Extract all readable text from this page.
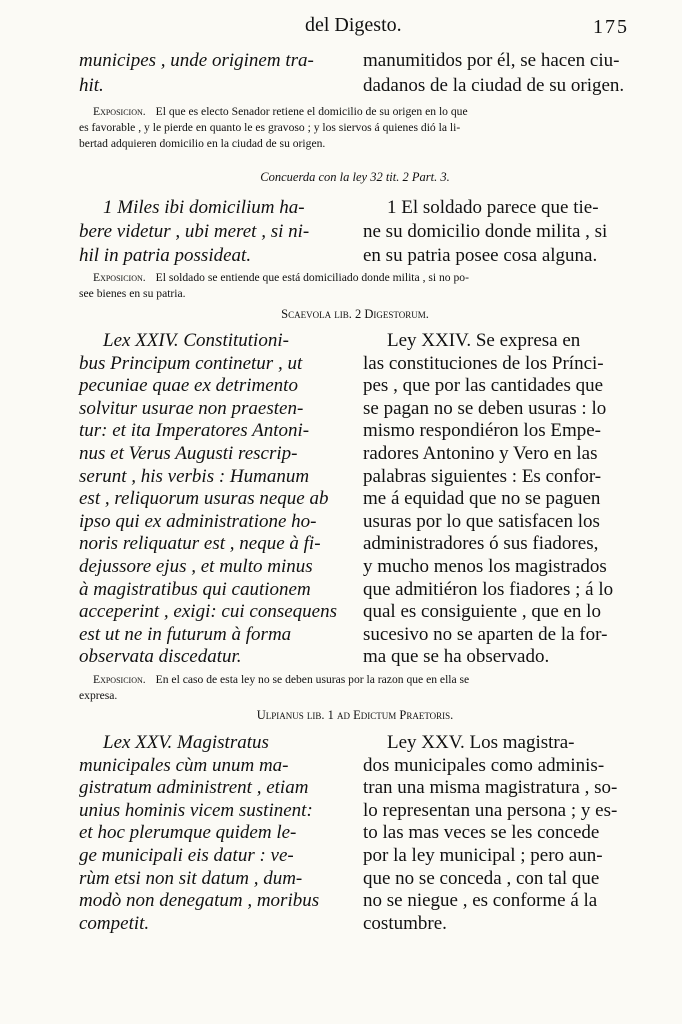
del Digesto.	175
municipes , unde originem tra-
hit.
manumitidos por él, se hacen ciu-
dadanos de la ciudad de su origen.
Exposicion. El que es electo Senador retiene el domicilio de su origen en lo que
es favorable , y le pierde en quanto le es gravoso ; y los siervos á quienes dió la li-
bertad adquieren domicilio en la ciudad de su origen.
Concuerda con la ley 32 tit. 2 Part. 3.
1 Miles ibi domicilium ha-
bere videtur , ubi meret , si ni-
hil in patria possideat.
1 El soldado parece que tie-
ne su domicilio donde milita , si
en su patria posee cosa alguna.
Exposicion. El soldado se entiende que está domiciliado donde milita , si no po-
see bienes en su patria.
Scaevola lib. 2 Digestorum.
Lex XXIV. Constitutioni-
bus Principum continetur , ut
pecuniae quae ex detrimento
solvitur usurae non praesten-
tur: et ita Imperatores Antoni-
nus et Verus Augusti rescrip-
serunt , his verbis : Humanum
est , reliquorum usuras neque ab
ipso qui ex administratione ho-
noris reliquatur est , neque à fi-
dejussore ejus , et multo minus
à magistratibus qui cautionem
acceperint , exigi: cui consequens
est ut ne in futurum à forma
observata discedatur.
Ley XXIV. Se expresa en
las constituciones de los Prínci-
pes , que por las cantidades que
se pagan no se deben usuras : lo
mismo respondiéron los Empe-
radores Antonino y Vero en las
palabras siguientes : Es confor-
me á equidad que no se paguen
usuras por lo que satisfacen los
administradores ó sus fiadores,
y mucho menos los magistrados
que admitiéron los fiadores ; á lo
qual es consiguiente , que en lo
sucesivo no se aparten de la for-
ma que se ha observado.
Exposicion. En el caso de esta ley no se deben usuras por la razon que en ella se
expresa.
Ulpianus lib. 1 ad Edictum Praetoris.
Lex XXV. Magistratus
municipales cùm unum ma-
gistratum administrent , etiam
unius hominis vicem sustinent:
et hoc plerumque quidem le-
ge municipali eis datur : ve-
rùm etsi non sit datum , dum-
modò non denegatum , moribus
competit.
Ley XXV. Los magistra-
dos municipales como adminis-
tran una misma magistratura , so-
lo representan una persona ; y es-
to las mas veces se les concede
por la ley municipal ; pero aun-
que no se conceda , con tal que
no se niegue , es conforme á la
costumbre.
